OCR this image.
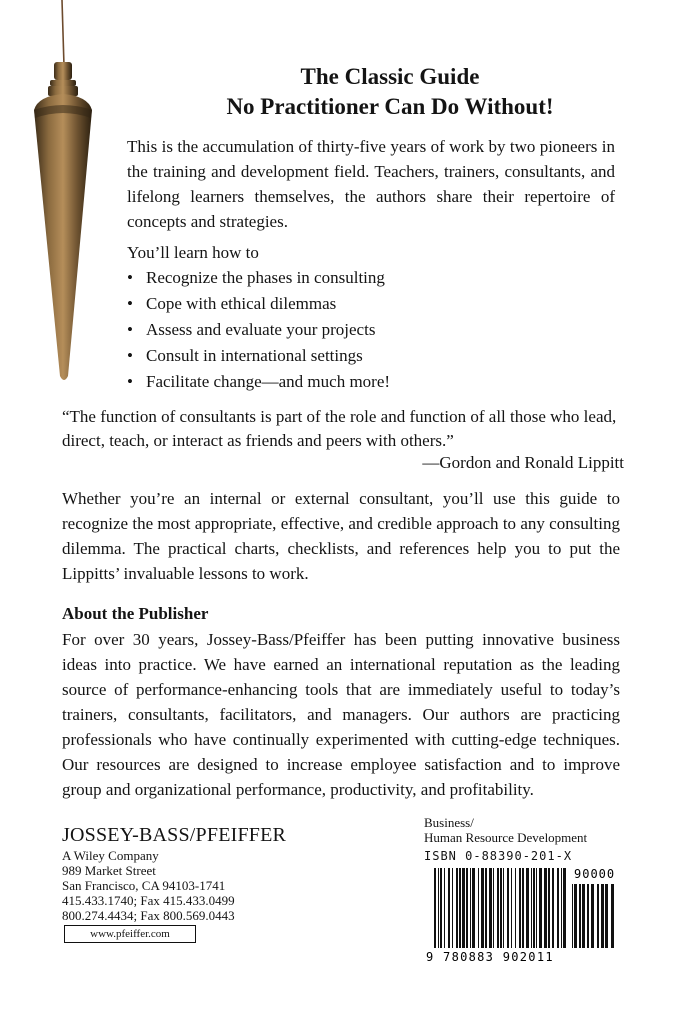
The Classic Guide
No Practitioner Can Do Without!
This is the accumulation of thirty-five years of work by two pioneers in the training and development field. Teachers, trainers, consultants, and lifelong learners themselves, the authors share their repertoire of concepts and strategies.
You’ll learn how to
• Recognize the phases in consulting
• Cope with ethical dilemmas
• Assess and evaluate your projects
• Consult in international settings
• Facilitate change—and much more!
“The function of consultants is part of the role and function of all those who lead, direct, teach, or interact as friends and peers with others.”
—Gordon and Ronald Lippitt
Whether you’re an internal or external consultant, you’ll use this guide to recognize the most appropriate, effective, and credible approach to any consulting dilemma. The practical charts, checklists, and references help you to put the Lippitts’ invaluable lessons to work.
About the Publisher
For over 30 years, Jossey-Bass/Pfeiffer has been putting innovative business ideas into practice. We have earned an international reputation as the leading source of performance-enhancing tools that are immediately useful to today’s trainers, consultants, facilitators, and managers. Our authors are practicing professionals who have continually experimented with cutting-edge techniques. Our resources are designed to increase employee satisfaction and to improve group and organizational performance, productivity, and profitability.
JOSSEY-BASS/PFEIFFER
A Wiley Company
989 Market Street
San Francisco, CA 94103-1741
415.433.1740; Fax 415.433.0499
800.274.4434; Fax 800.569.0443
www.pfeiffer.com
Business/
Human Resource Development
ISBN 0-88390-201-X
90000
9 780883 902011
